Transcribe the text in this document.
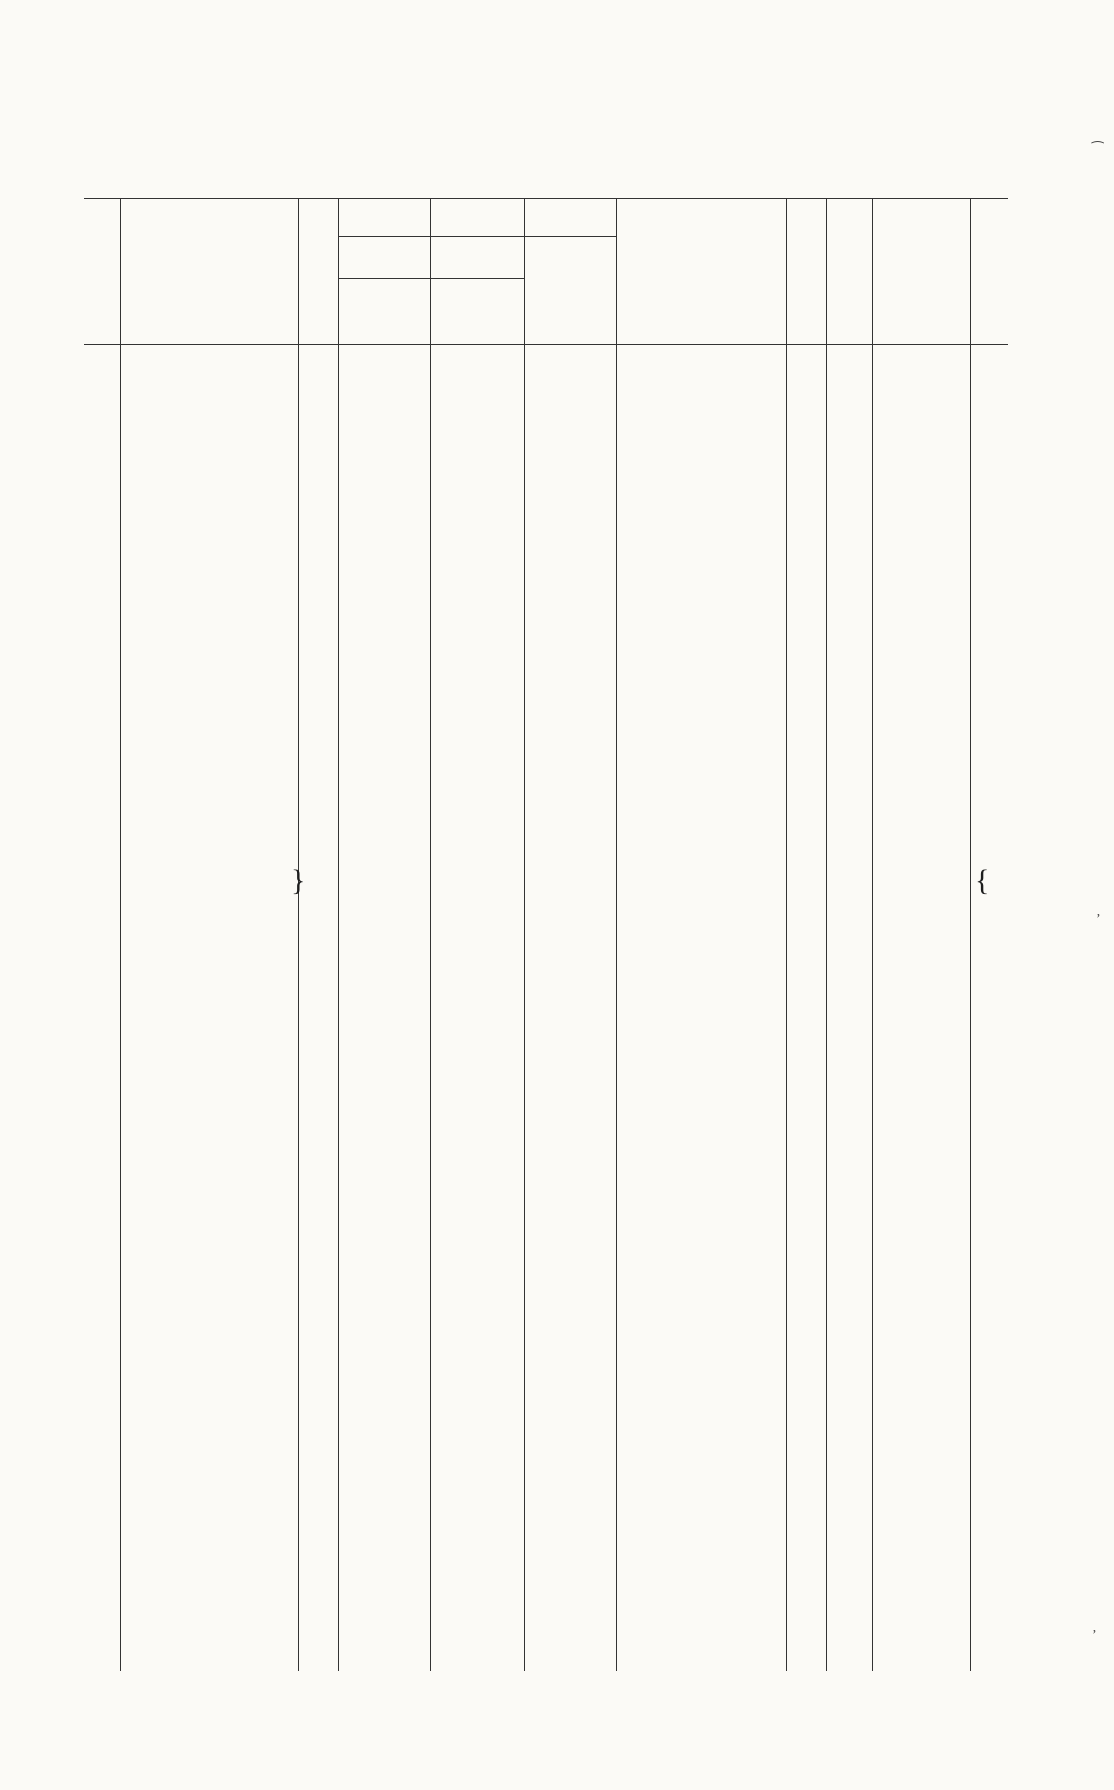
}	{
⁀
ʼ
ʼ
